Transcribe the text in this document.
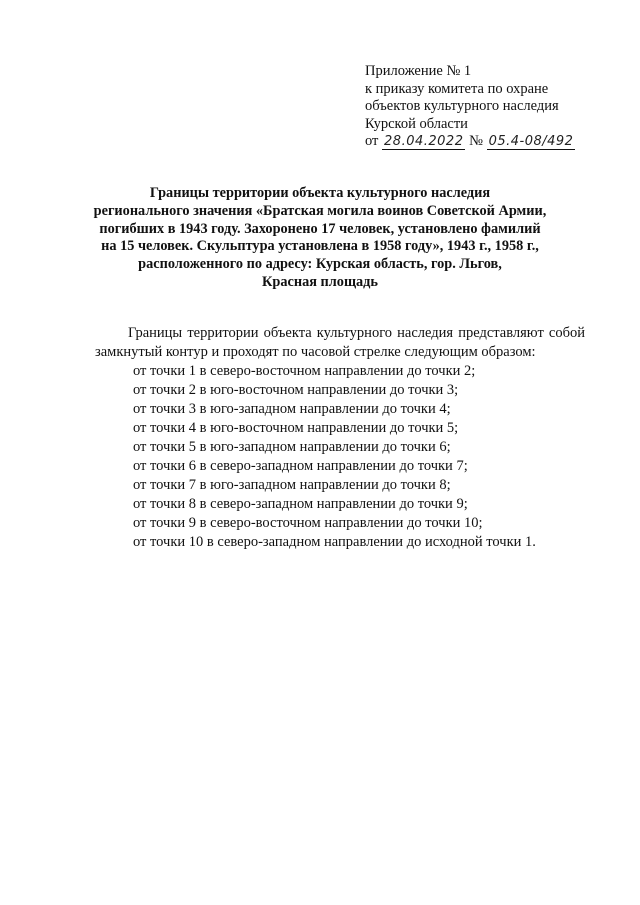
Приложение № 1
к приказу комитета по охране
объектов культурного наследия
Курской области
от 28.04.2022 № 05.4-08/492
Границы территории объекта культурного наследия
регионального значения «Братская могила воинов Советской Армии,
погибших в 1943 году. Захоронено 17 человек, установлено фамилий
на 15 человек. Скульптура установлена в 1958 году», 1943 г., 1958 г.,
расположенного по адресу: Курская область, гор. Льгов,
Красная площадь

Границы территории объекта культурного наследия представляют собой замкнутый контур и проходят по часовой стрелке следующим образом:

от точки 1 в северо-восточном направлении до точки 2;
от точки 2 в юго-восточном направлении до точки 3;
от точки 3 в юго-западном направлении до точки 4;
от точки 4 в юго-восточном направлении до точки 5;
от точки 5 в юго-западном направлении до точки 6;
от точки 6 в северо-западном направлении до точки 7;
от точки 7 в юго-западном направлении до точки 8;
от точки 8 в северо-западном направлении до точки 9;
от точки 9 в северо-восточном направлении до точки 10;
от точки 10 в северо-западном направлении до исходной точки 1.
